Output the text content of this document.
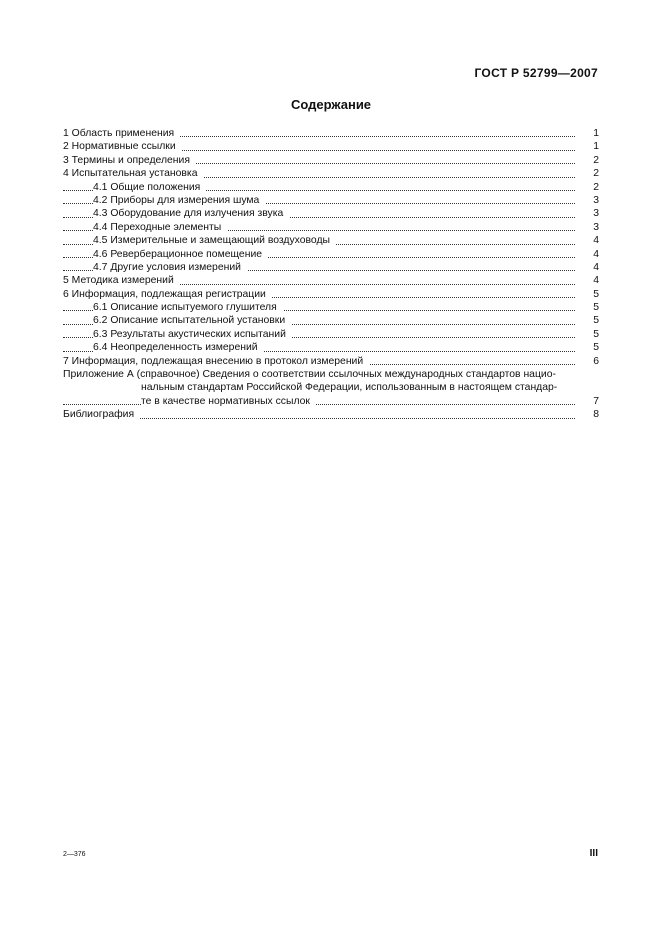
ГОСТ Р 52799—2007
Содержание
1 Область применения	1
2 Нормативные ссылки	1
3 Термины и определения	2
4 Испытательная установка	2
4.1 Общие положения	2
4.2 Приборы для измерения шума	3
4.3 Оборудование для излучения звука	3
4.4 Переходные элементы	3
4.5 Измерительные и замещающий воздуховоды	4
4.6 Реверберационное помещение	4
4.7 Другие условия измерений	4
5 Методика измерений	4
6 Информация, подлежащая регистрации	5
6.1 Описание испытуемого глушителя	5
6.2 Описание испытательной установки	5
6.3 Результаты акустических испытаний	5
6.4 Неопределенность измерений	5
7 Информация, подлежащая внесению в протокол измерений	6
Приложение А (справочное) Сведения о соответствии ссылочных международных стандартов нацио-
нальным стандартам Российской Федерации, использованным в настоящем стандар-
те в качестве нормативных ссылок	7
Библиография	8
2—376	III
